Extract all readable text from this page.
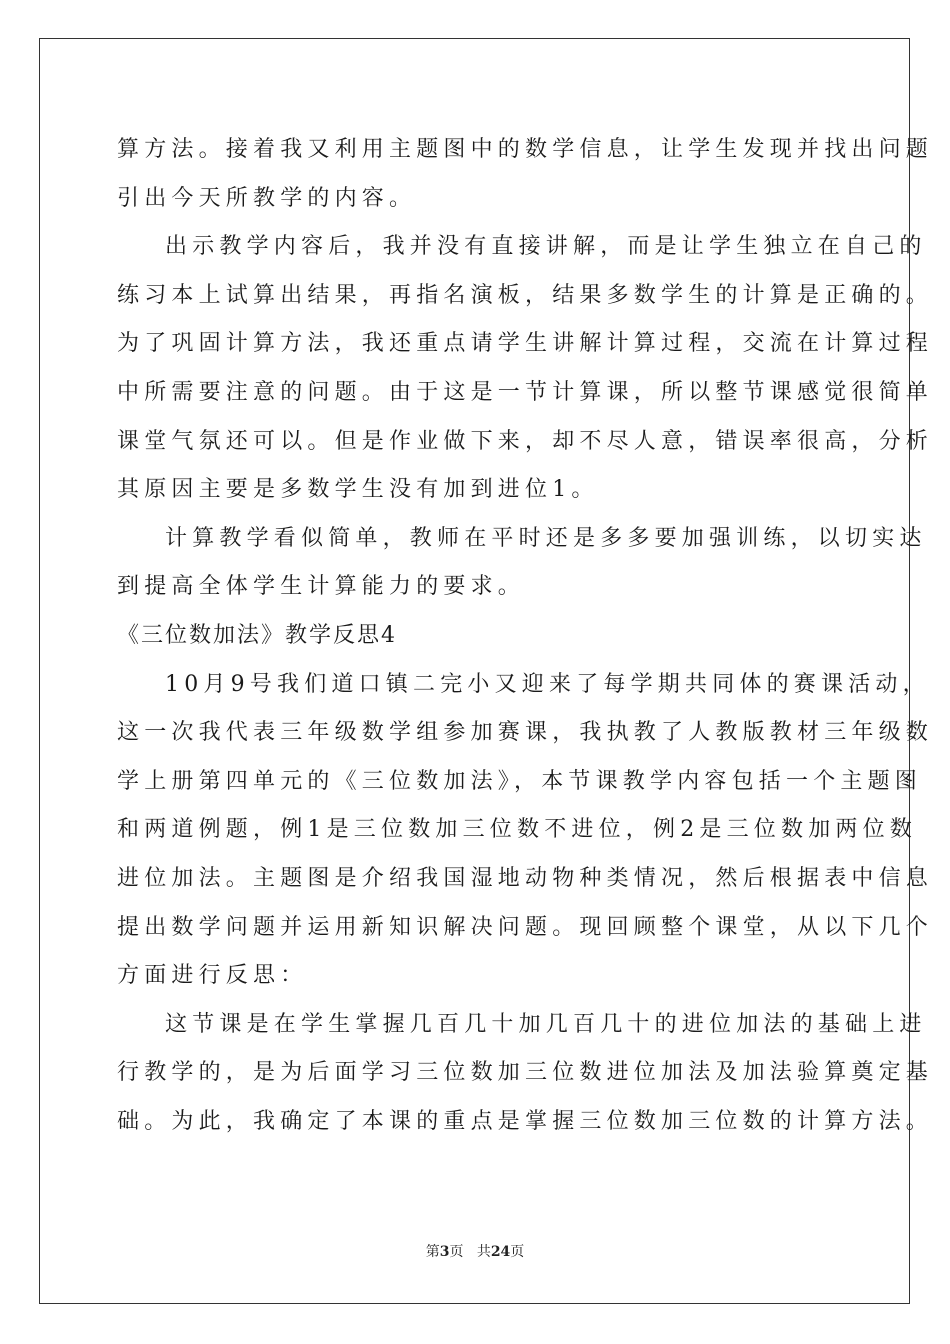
算方法。接着我又利用主题图中的数学信息，让学生发现并找出问题
引出今天所教学的内容。
出示教学内容后，我并没有直接讲解，而是让学生独立在自己的
练习本上试算出结果，再指名演板，结果多数学生的计算是正确的。
为了巩固计算方法，我还重点请学生讲解计算过程，交流在计算过程
中所需要注意的问题。由于这是一节计算课，所以整节课感觉很简单
课堂气氛还可以。但是作业做下来，却不尽人意，错误率很高，分析
其原因主要是多数学生没有加到进位1。
计算教学看似简单，教师在平时还是多多要加强训练，以切实达
到提高全体学生计算能力的要求。
《三位数加法》教学反思4
10月9号我们道口镇二完小又迎来了每学期共同体的赛课活动，
这一次我代表三年级数学组参加赛课，我执教了人教版教材三年级数
学上册第四单元的《三位数加法》，本节课教学内容包括一个主题图
和两道例题，例1是三位数加三位数不进位，例2是三位数加两位数
进位加法。主题图是介绍我国湿地动物种类情况，然后根据表中信息
提出数学问题并运用新知识解决问题。现回顾整个课堂，从以下几个
方面进行反思：
这节课是在学生掌握几百几十加几百几十的进位加法的基础上进
行教学的，是为后面学习三位数加三位数进位加法及加法验算奠定基
础。为此，我确定了本课的重点是掌握三位数加三位数的计算方法。
第3页 共24页
